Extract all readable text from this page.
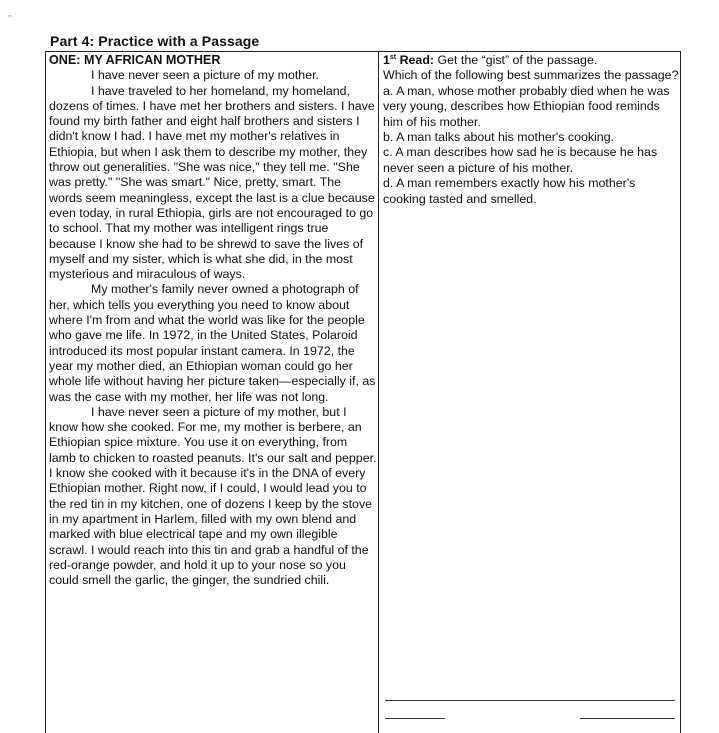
Part 4: Practice with a Passage

ONE: MY AFRICAN MOTHER

I have never seen a picture of my mother.

I have traveled to her homeland, my homeland, dozens of times. I have met her brothers and sisters. I have found my birth father and eight half brothers and sisters I didn't know I had. I have met my mother's relatives in Ethiopia, but when I ask them to describe my mother, they throw out generalities. "She was nice," they tell me. "She was pretty." "She was smart." Nice, pretty, smart. The words seem meaningless, except the last is a clue because even today, in rural Ethiopia, girls are not encouraged to go to school. That my mother was intelligent rings true because I know she had to be shrewd to save the lives of myself and my sister, which is what she did, in the most mysterious and miraculous of ways.

My mother's family never owned a photograph of her, which tells you everything you need to know about where I'm from and what the world was like for the people who gave me life. In 1972, in the United States, Polaroid introduced its most popular instant camera. In 1972, the year my mother died, an Ethiopian woman could go her whole life without having her picture taken—especially if, as was the case with my mother, her life was not long.

I have never seen a picture of my mother, but I know how she cooked. For me, my mother is berbere, an Ethiopian spice mixture. You use it on everything, from lamb to chicken to roasted peanuts. It's our salt and pepper. I know she cooked with it because it's in the DNA of every Ethiopian mother. Right now, if I could, I would lead you to the red tin in my kitchen, one of dozens I keep by the stove in my apartment in Harlem, filled with my own blend and marked with blue electrical tape and my own illegible scrawl. I would reach into this tin and grab a handful of the red-orange powder, and hold it up to your nose so you could smell the garlic, the ginger, the sundried chili.

1st Read: Get the “gist” of the passage.

Which of the following best summarizes the passage?

a. A man, whose mother probably died when he was very young, describes how Ethiopian food reminds him of his mother.

b. A man talks about his mother's cooking.

c. A man describes how sad he is because he has never seen a picture of his mother.

d. A man remembers exactly how his mother's cooking tasted and smelled.

„
